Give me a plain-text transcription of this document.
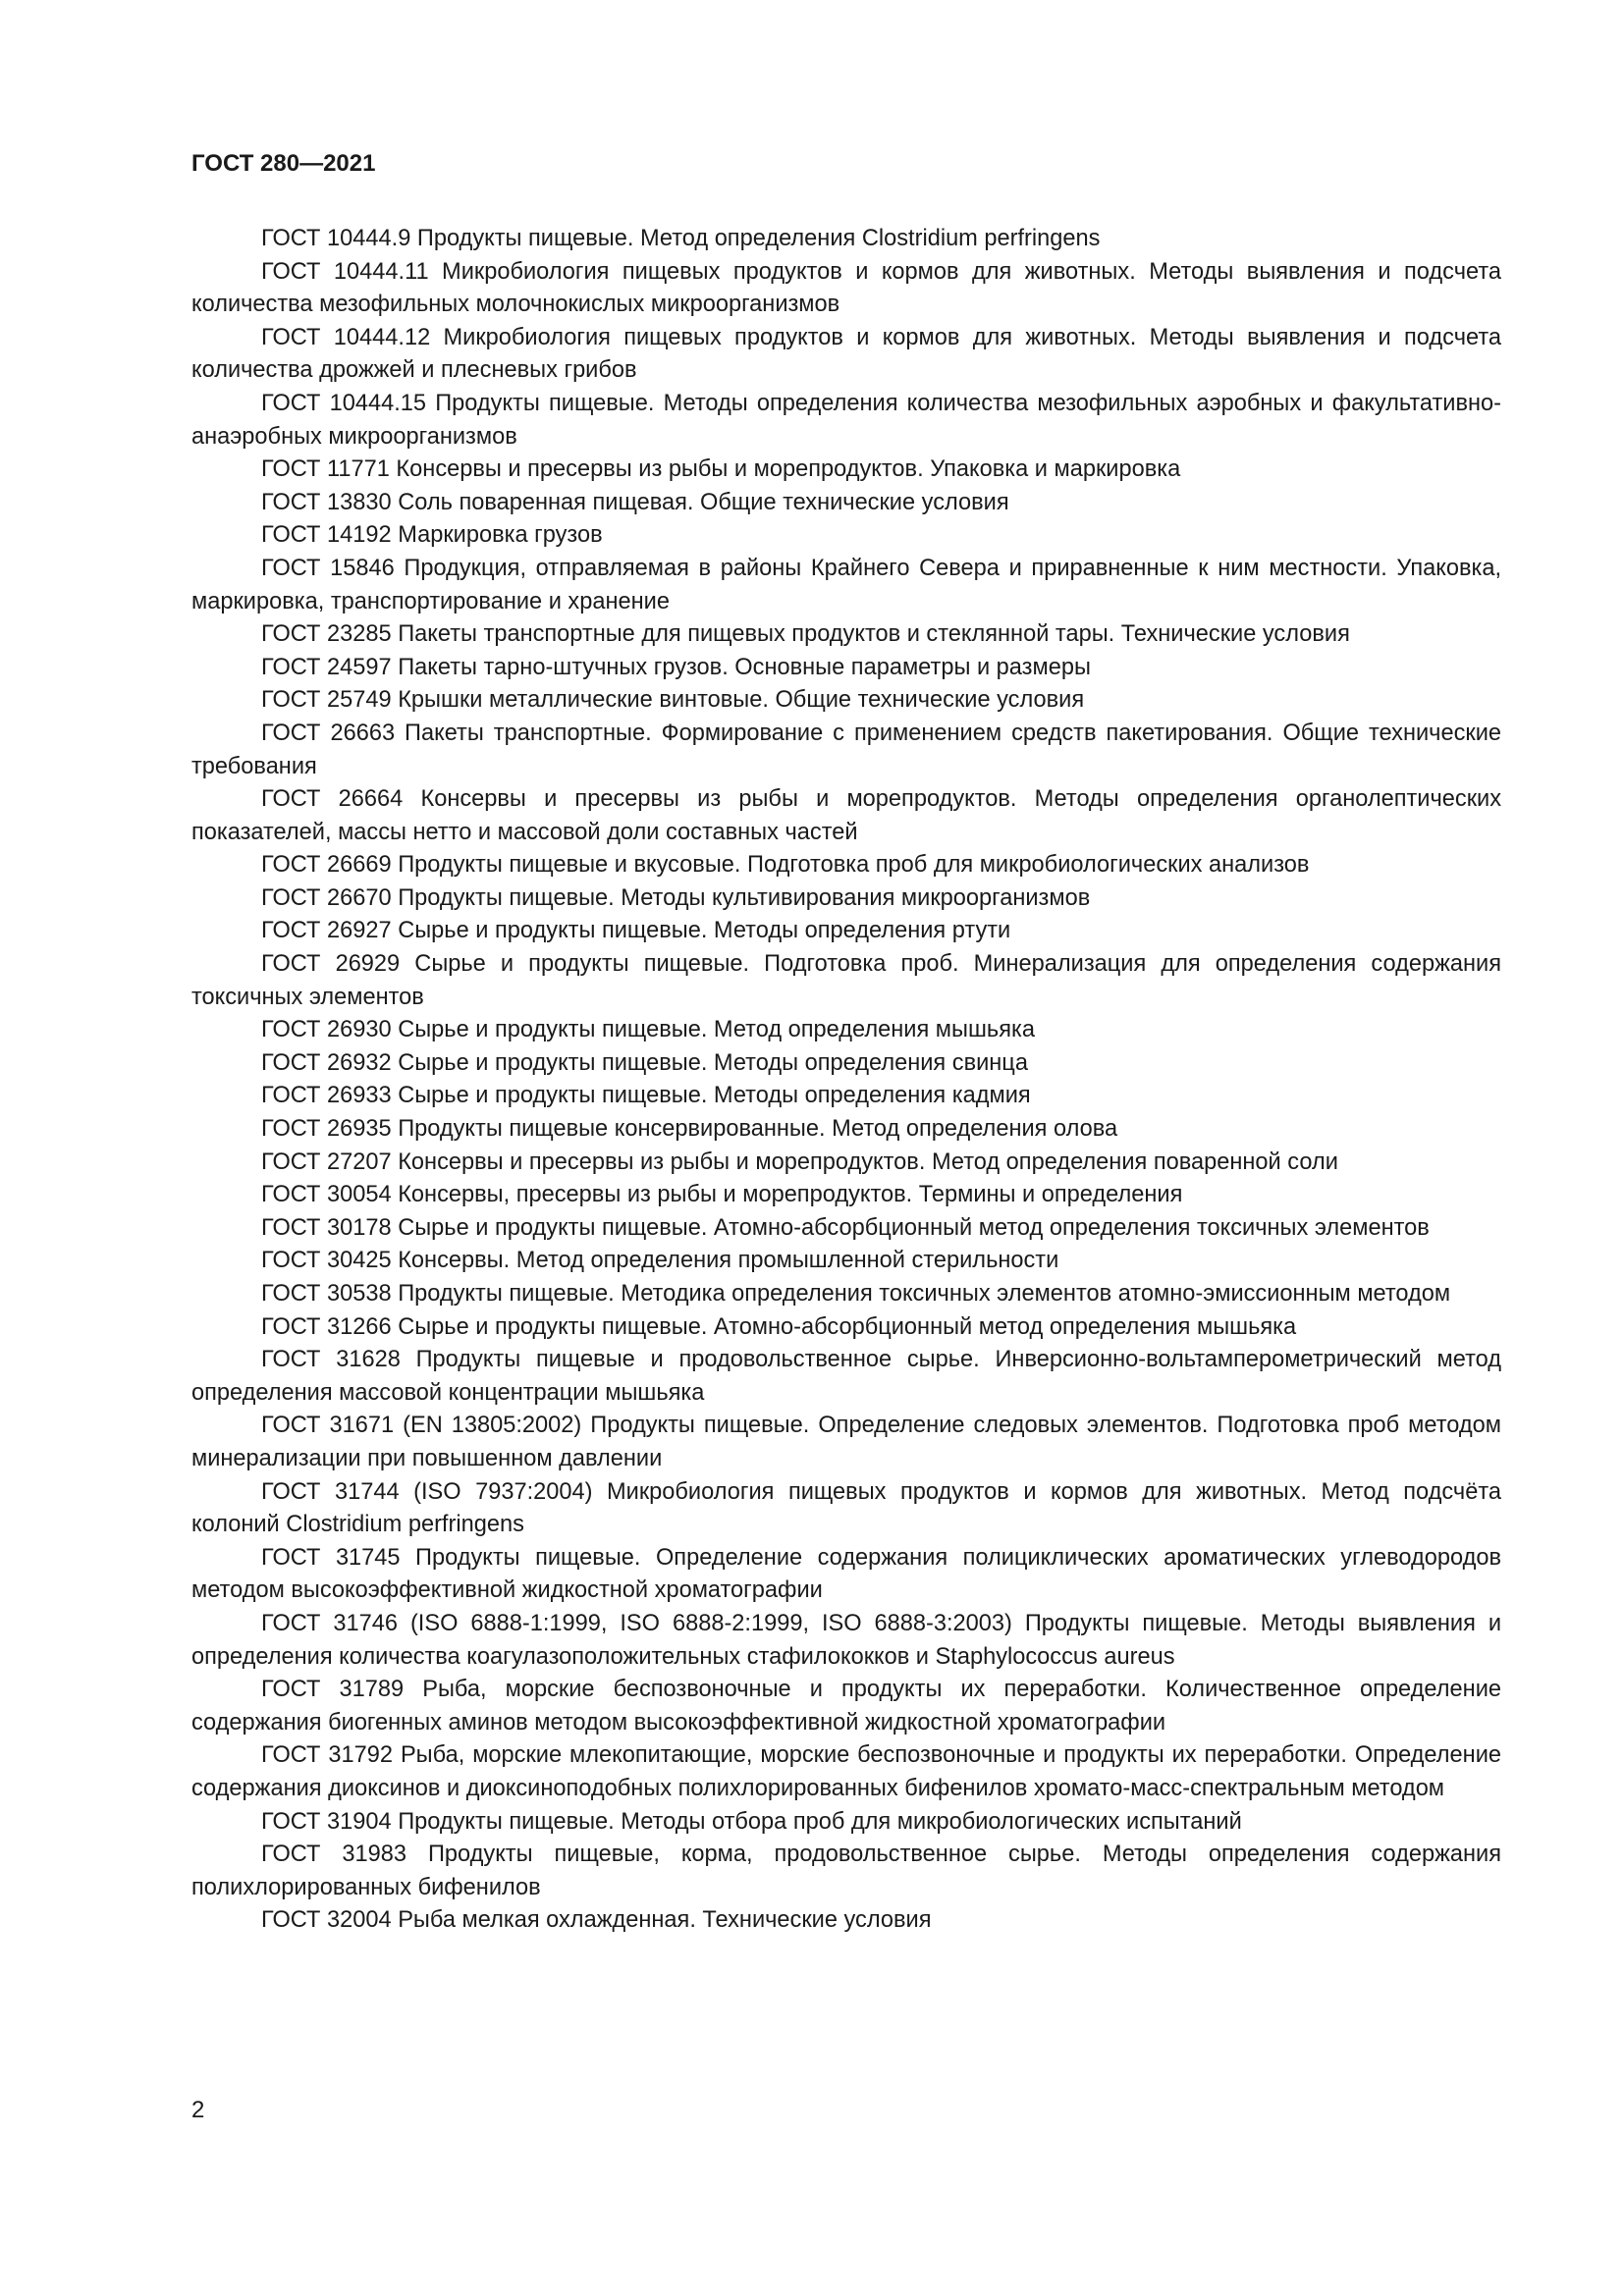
ГОСТ 280—2021
ГОСТ 10444.9 Продукты пищевые. Метод определения Clostridium perfringens
ГОСТ 10444.11 Микробиология пищевых продуктов и кормов для животных. Методы выявления и подсчета количества мезофильных молочнокислых микроорганизмов
ГОСТ 10444.12 Микробиология пищевых продуктов и кормов для животных. Методы выявления и подсчета количества дрожжей и плесневых грибов
ГОСТ 10444.15 Продукты пищевые. Методы определения количества мезофильных аэробных и факультативно-анаэробных микроорганизмов
ГОСТ 11771 Консервы и пресервы из рыбы и морепродуктов. Упаковка и маркировка
ГОСТ 13830 Соль поваренная пищевая. Общие технические условия
ГОСТ 14192 Маркировка грузов
ГОСТ 15846 Продукция, отправляемая в районы Крайнего Севера и приравненные к ним местности. Упаковка, маркировка, транспортирование и хранение
ГОСТ 23285 Пакеты транспортные для пищевых продуктов и стеклянной тары. Технические условия
ГОСТ 24597 Пакеты тарно-штучных грузов. Основные параметры и размеры
ГОСТ 25749 Крышки металлические винтовые. Общие технические условия
ГОСТ 26663 Пакеты транспортные. Формирование с применением средств пакетирования. Общие технические требования
ГОСТ 26664 Консервы и пресервы из рыбы и морепродуктов. Методы определения органолептических показателей, массы нетто и массовой доли составных частей
ГОСТ 26669 Продукты пищевые и вкусовые. Подготовка проб для микробиологических анализов
ГОСТ 26670 Продукты пищевые. Методы культивирования микроорганизмов
ГОСТ 26927 Сырье и продукты пищевые. Методы определения ртути
ГОСТ 26929 Сырье и продукты пищевые. Подготовка проб. Минерализация для определения содержания токсичных элементов
ГОСТ 26930 Сырье и продукты пищевые. Метод определения мышьяка
ГОСТ 26932 Сырье и продукты пищевые. Методы определения свинца
ГОСТ 26933 Сырье и продукты пищевые. Методы определения кадмия
ГОСТ 26935 Продукты пищевые консервированные. Метод определения олова
ГОСТ 27207 Консервы и пресервы из рыбы и морепродуктов. Метод определения поваренной соли
ГОСТ 30054 Консервы, пресервы из рыбы и морепродуктов. Термины и определения
ГОСТ 30178 Сырье и продукты пищевые. Атомно-абсорбционный метод определения токсичных элементов
ГОСТ 30425 Консервы. Метод определения промышленной стерильности
ГОСТ 30538 Продукты пищевые. Методика определения токсичных элементов атомно-эмиссионным методом
ГОСТ 31266 Сырье и продукты пищевые. Атомно-абсорбционный метод определения мышьяка
ГОСТ 31628 Продукты пищевые и продовольственное сырье. Инверсионно-вольтамперометрический метод определения массовой концентрации мышьяка
ГОСТ 31671 (EN 13805:2002) Продукты пищевые. Определение следовых элементов. Подготовка проб методом минерализации при повышенном давлении
ГОСТ 31744 (ISO 7937:2004) Микробиология пищевых продуктов и кормов для животных. Метод подсчёта колоний Clostridium perfringens
ГОСТ 31745 Продукты пищевые. Определение содержания полициклических ароматических углеводородов методом высокоэффективной жидкостной хроматографии
ГОСТ 31746 (ISO 6888-1:1999, ISO 6888-2:1999, ISO 6888-3:2003) Продукты пищевые. Методы выявления и определения количества коагулазоположительных стафилококков и Staphylococcus aureus
ГОСТ 31789 Рыба, морские беспозвоночные и продукты их переработки. Количественное определение содержания биогенных аминов методом высокоэффективной жидкостной хроматографии
ГОСТ 31792 Рыба, морские млекопитающие, морские беспозвоночные и продукты их переработки. Определение содержания диоксинов и диоксиноподобных полихлорированных бифенилов хромато-масс-спектральным методом
ГОСТ 31904 Продукты пищевые. Методы отбора проб для микробиологических испытаний
ГОСТ 31983 Продукты пищевые, корма, продовольственное сырье. Методы определения содержания полихлорированных бифенилов
ГОСТ 32004 Рыба мелкая охлажденная. Технические условия
2
